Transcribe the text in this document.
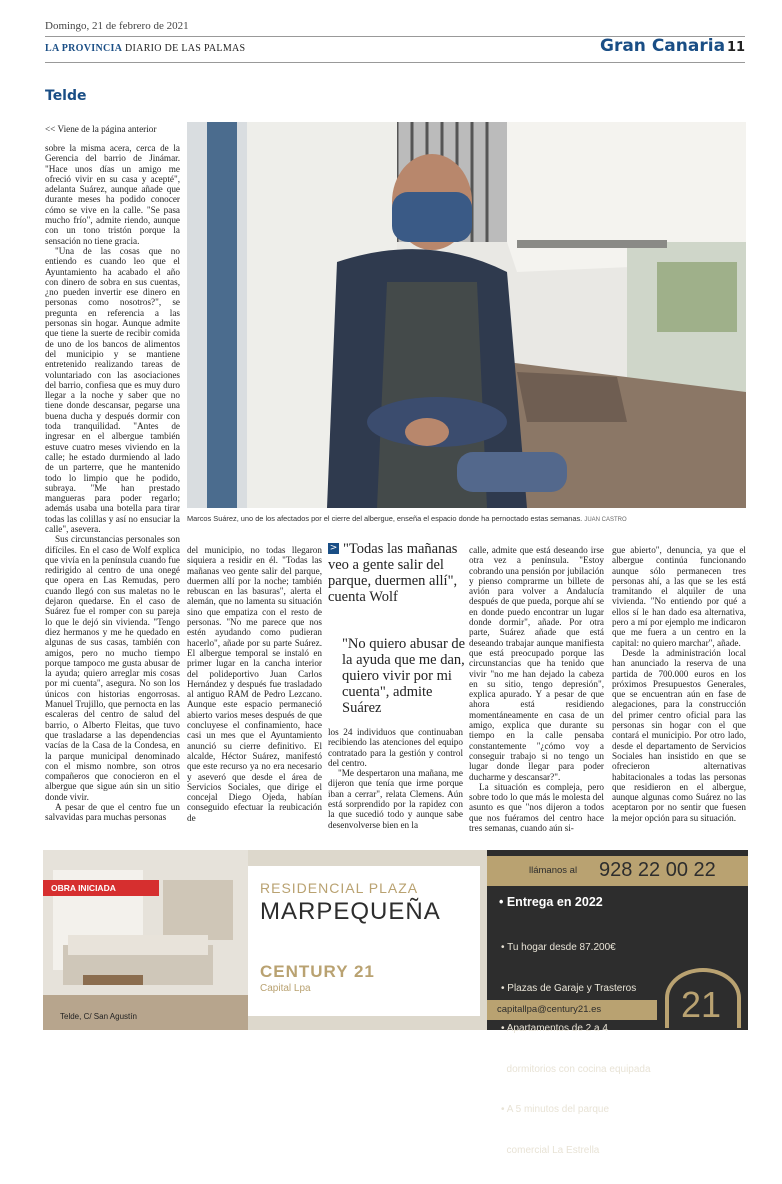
Domingo, 21 de febrero de 2021
LA PROVINCIA DIARIO DE LAS PALMAS	Gran Canaria 11
Telde
<< Viene de la página anterior

sobre la misma acera, cerca de la Gerencia del barrio de Jinámar. "Hace unos días un amigo me ofreció vivir en su casa y acepté", adelanta Suárez, aunque añade que durante meses ha podido conocer cómo se vive en la calle. "Se pasa mucho frío", admite riendo, aunque con un tono tristón porque la sensación no tiene gracia.

"Una de las cosas que no entiendo es cuando leo que el Ayuntamiento ha acabado el año con dinero de sobra en sus cuentas, ¿no pueden invertir ese dinero en personas como nosotros?", se pregunta en referencia a las personas sin hogar. Aunque admite que tiene la suerte de recibir comida de uno de los bancos de alimentos del municipio y se mantiene entretenido realizando tareas de voluntariado con las asociaciones del barrio, confiesa que es muy duro llegar a la noche y saber que no tiene donde descansar, pegarse una buena ducha y después dormir con toda tranquilidad. "Antes de ingresar en el albergue también estuve cuatro meses viviendo en la calle; he estado durmiendo al lado de un parterre, que he mantenido todo lo limpio que he podido, subraya. "Me han prestado mangueras para poder regarlo; además usaba una botella para tirar todas las colillas y así no ensuciar la calle", asevera.

Sus circunstancias personales son difíciles. En el caso de Wolf explica que vivía en la península cuando fue redirigido al centro de una onegé que opera en Las Remudas, pero cuando llegó con sus maletas no le dejaron quedarse. En el caso de Suárez fue el romper con su pareja lo que le dejó sin vivienda. "Tengo diez hermanos y me he quedado en algunas de sus casas, también con amigos, pero no mucho tiempo porque tampoco me gusta abusar de la ayuda; quiero arreglar mis cosas por mi cuenta", asegura. No son los únicos con historias engorrosas. Manuel Trujillo, que pernocta en las escaleras del centro de salud del barrio, o Alberto Fleitas, que tuvo que trasladarse a las dependencias vacías de la Casa de la Condesa, en la parque municipal denominado con el mismo nombre, son otros compañeros que conocieron en el albergue que sigue aún sin un sitio donde vivir.

A pesar de que el centro fue un salvavidas para muchas personas

Marcos Suárez, uno de los afectados por el cierre del albergue, enseña el espacio donde ha pernoctado estas semanas. JUAN CASTRO

del municipio, no todas llegaron siquiera a residir en él. "Todas las mañanas veo gente salir del parque, duermen allí por la noche; también rebuscan en las basuras", alerta el alemán, que no lamenta su situación sino que empatiza con el resto de personas. "No me parece que nos estén ayudando como pudieran hacerlo", añade por su parte Suárez. El albergue temporal se instaló en primer lugar en la cancha interior del polideportivo Juan Carlos Hernández y después fue trasladado al antiguo RAM de Pedro Lezcano. Aunque este espacio permaneció abierto varios meses después de que concluyese el confinamiento, hace casi un mes que el Ayuntamiento anunció su cierre definitivo. El alcalde, Héctor Suárez, manifestó que este recurso ya no era necesario y aseveró que desde el área de Servicios Sociales, que dirige el concejal Diego Ojeda, habían conseguido efectuar la reubicación de

> "Todas las mañanas veo a gente salir del parque, duermen allí", cuenta Wolf
"No quiero abusar de la ayuda que me dan, quiero vivir por mi cuenta", admite Suárez

los 24 individuos que continuaban recibiendo las atenciones del equipo contratado para la gestión y control del centro.

"Me despertaron una mañana, me dijeron que tenía que irme porque iban a cerrar", relata Clemens. Aún está sorprendido por la rapidez con la que sucedió todo y aunque sabe desenvolverse bien en la

calle, admite que está deseando irse otra vez a península. "Estoy cobrando una pensión por jubilación y pienso comprarme un billete de avión para volver a Andalucía después de que pueda, porque ahí se en donde puedo encontrar un lugar donde dormir", añade. Por otra parte, Suárez añade que está deseando trabajar aunque manifiesta que está preocupado porque las circunstancias que ha tenido que vivir "no me han dejado la cabeza en su sitio, tengo depresión", explica apurado. Y a pesar de que ahora está residiendo momentáneamente en casa de un amigo, explica que durante su tiempo en la calle pensaba constantemente "¿cómo voy a conseguir trabajo si no tengo un lugar donde llegar para poder ducharme y descansar?".

La situación es compleja, pero sobre todo lo que más le molesta del asunto es que "nos dijeron a todos que nos fuéramos del centro hace tres semanas, cuando aún si-

gue abierto", denuncia, ya que el albergue continúa funcionando aunque sólo permanecen tres personas ahí, a las que se les está tramitando el alquiler de una vivienda. "No entiendo por qué a ellos sí le han dado esa alternativa, pero a mí por ejemplo me indicaron que me fuera a un centro en la capital: no quiero marchar", añade.

Desde la administración local han anunciado la reserva de una partida de 700.000 euros en los próximos Presupuestos Generales, que se encuentran aún en fase de alegaciones, para la construcción del primer centro oficial para las personas sin hogar con el que contará el municipio. Por otro lado, desde el departamento de Servicios Sociales han insistido en que se ofrecieron alternativas habitacionales a todas las personas que residieron en el albergue, aunque algunas como Suárez no las aceptaron por no sentir que fuesen la mejor opción para su situación.

OBRA INICIADA	RESIDENCIAL PLAZA
MARPEQUEÑA
CENTURY 21
Capital Lpa
llámanos al 928 22 00 22
• Entrega en 2022

• Tu hogar desde 87.200€

• Plazas de Garaje y Trasteros

• Apartamentos de 2 a 4

dormitorios con cocina equipada

• A 5 minutos del parque

comercial La Estrella

capitallpa@century21.es 21
Telde, C/ San Agustín
